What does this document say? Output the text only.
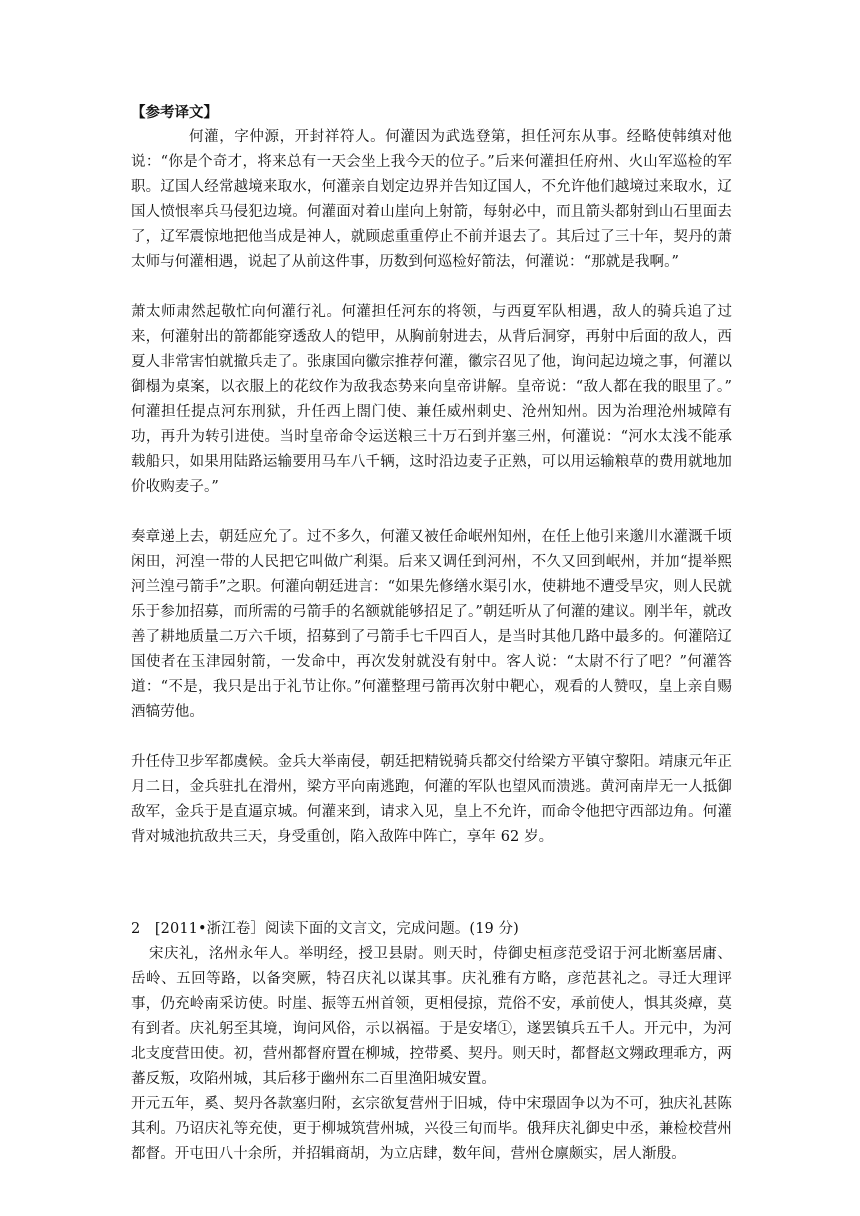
【参考译文】

何灌，字仲源，开封祥符人。何灌因为武选登第，担任河东从事。经略使韩缜对他说：“你是个奇才，将来总有一天会坐上我今天的位子。”后来何灌担任府州、火山军巡检的军职。辽国人经常越境来取水，何灌亲自划定边界并告知辽国人，不允许他们越境过来取水，辽国人愤恨率兵马侵犯边境。何灌面对着山崖向上射箭，每射必中，而且箭头都射到山石里面去了，辽军震惊地把他当成是神人，就顾虑重重停止不前并退去了。其后过了三十年，契丹的萧太师与何灌相遇，说起了从前这件事，历数到何巡检好箭法，何灌说：“那就是我啊。”

萧太师肃然起敬忙向何灌行礼。何灌担任河东的将领，与西夏军队相遇，敌人的骑兵追了过来，何灌射出的箭都能穿透敌人的铠甲，从胸前射进去，从背后洞穿，再射中后面的敌人，西夏人非常害怕就撤兵走了。张康国向徽宗推荐何灌，徽宗召见了他，询问起边境之事，何灌以御榻为桌案，以衣服上的花纹作为敌我态势来向皇帝讲解。皇帝说：“敌人都在我的眼里了。” 何灌担任提点河东刑狱，升任西上閤门使、兼任威州刺史、沧州知州。因为治理沧州城障有功，再升为转引进使。当时皇帝命令运送粮三十万石到并塞三州，何灌说：“河水太浅不能承载船只，如果用陆路运输要用马车八千辆，这时沿边麦子正熟，可以用运输粮草的费用就地加价收购麦子。”

奏章递上去，朝廷应允了。过不多久，何灌又被任命岷州知州，在任上他引来邈川水灌溉千顷闲田，河湟一带的人民把它叫做广利渠。后来又调任到河州，不久又回到岷州，并加“提举熙河兰湟弓箭手”之职。何灌向朝廷进言：“如果先修缮水渠引水，使耕地不遭受旱灾，则人民就乐于参加招募，而所需的弓箭手的名额就能够招足了。”朝廷听从了何灌的建议。刚半年，就改善了耕地质量二万六千顷，招募到了弓箭手七千四百人，是当时其他几路中最多的。何灌陪辽国使者在玉津园射箭，一发命中，再次发射就没有射中。客人说：“太尉不行了吧？”何灌答道：“不是，我只是出于礼节让你。”何灌整理弓箭再次射中靶心，观看的人赞叹，皇上亲自赐酒犒劳他。

升任侍卫步军都虞候。金兵大举南侵，朝廷把精锐骑兵都交付给梁方平镇守黎阳。靖康元年正月二日，金兵驻扎在滑州，梁方平向南逃跑，何灌的军队也望风而溃逃。黄河南岸无一人抵御敌军，金兵于是直逼京城。何灌来到，请求入见，皇上不允许，而命令他把守西部边角。何灌背对城池抗敌共三天，身受重创，陷入敌阵中阵亡，享年 62 岁。

2　[2011•浙江卷］阅读下面的文言文，完成问题。(19 分)

宋庆礼，洺州永年人。举明经，授卫县尉。则天时，侍御史桓彦范受诏于河北断塞居庸、岳岭、五回等路，以备突厥，特召庆礼以谋其事。庆礼雅有方略，彦范甚礼之。寻迁大理评事，仍充岭南采访使。时崖、振等五州首领，更相侵掠，荒俗不安，承前使人，惧其炎瘴，莫有到者。庆礼躬至其境，询问风俗，示以祸福。于是安堵①，遂罢镇兵五千人。开元中，为河北支度营田使。初，营州都督府置在柳城，控带奚、契丹。则天时，都督赵文翙政理乖方，两蕃反叛，攻陷州城，其后移于幽州东二百里渔阳城安置。

开元五年，奚、契丹各款塞归附，玄宗欲复营州于旧城，侍中宋璟固争以为不可，独庆礼甚陈其利。乃诏庆礼等充使，更于柳城筑营州城，兴役三旬而毕。俄拜庆礼御史中丞，兼检校营州都督。开屯田八十余所，并招辑商胡，为立店肆，数年间，营州仓廪颇实，居人渐殷。
